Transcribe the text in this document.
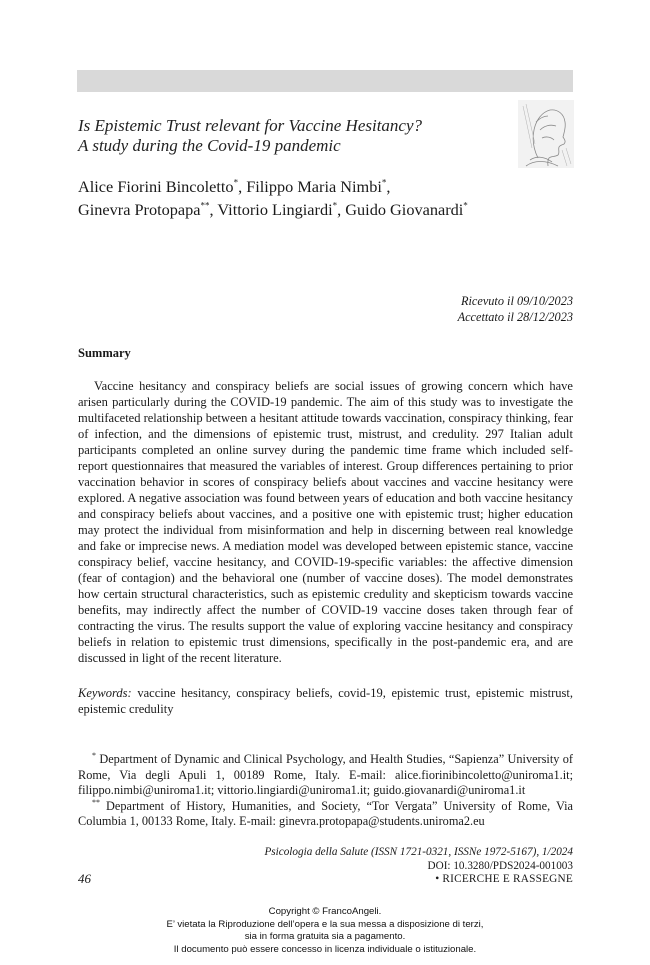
Is Epistemic Trust relevant for Vaccine Hesitancy?
A study during the Covid-19 pandemic
Alice Fiorini Bincoletto*, Filippo Maria Nimbi*,
Ginevra Protopapa**, Vittorio Lingiardi*, Guido Giovanardi*
Ricevuto il 09/10/2023
Accettato il 28/12/2023
Summary

Vaccine hesitancy and conspiracy beliefs are social issues of growing concern which have arisen particularly during the COVID-19 pandemic. The aim of this study was to investigate the multifaceted relationship between a hesitant attitude towards vaccination, conspiracy thinking, fear of infection, and the dimensions of epistemic trust, mistrust, and credulity. 297 Italian adult participants completed an online survey during the pandemic time frame which included self-report questionnaires that measured the variables of interest. Group differences pertaining to prior vaccination behavior in scores of conspiracy beliefs about vaccines and vaccine hesitancy were explored. A negative association was found between years of education and both vaccine hesitancy and conspiracy beliefs about vaccines, and a positive one with epistemic trust; higher education may protect the individual from misinformation and help in discerning between real knowledge and fake or imprecise news. A mediation model was developed between epistemic stance, vaccine conspiracy belief, vaccine hesitancy, and COVID-19-specific variables: the affective dimension (fear of contagion) and the behavioral one (number of vaccine doses). The model demonstrates how certain structural characteristics, such as epistemic credulity and skepticism towards vaccine benefits, may indirectly affect the number of COVID-19 vaccine doses taken through fear of contracting the virus. The results support the value of exploring vaccine hesitancy and conspiracy beliefs in relation to epistemic trust dimensions, specifically in the post-pandemic era, and are discussed in light of the recent literature.

Keywords: vaccine hesitancy, conspiracy beliefs, covid-19, epistemic trust, epistemic mistrust, epistemic credulity

* Department of Dynamic and Clinical Psychology, and Health Studies, “Sapienza” University of Rome, Via degli Apuli 1, 00189 Rome, Italy. E-mail: alice.fiorinibincoletto@uniroma1.it; filippo.nimbi@uniroma1.it; vittorio.lingiardi@uniroma1.it; guido.giovanardi@uniroma1.it

** Department of History, Humanities, and Society, “Tor Vergata” University of Rome, Via Columbia 1, 00133 Rome, Italy. E-mail: ginevra.protopapa@students.uniroma2.eu

Psicologia della Salute (ISSN 1721-0321, ISSNe 1972-5167), 1/2024
DOI: 10.3280/PDS2024-001003
46	• RICERCHE E RASSEGNE
Copyright © FrancoAngeli.
E’ vietata la Riproduzione dell’opera e la sua messa a disposizione di terzi,
sia in forma gratuita sia a pagamento.
Il documento può essere concesso in licenza individuale o istituzionale.
